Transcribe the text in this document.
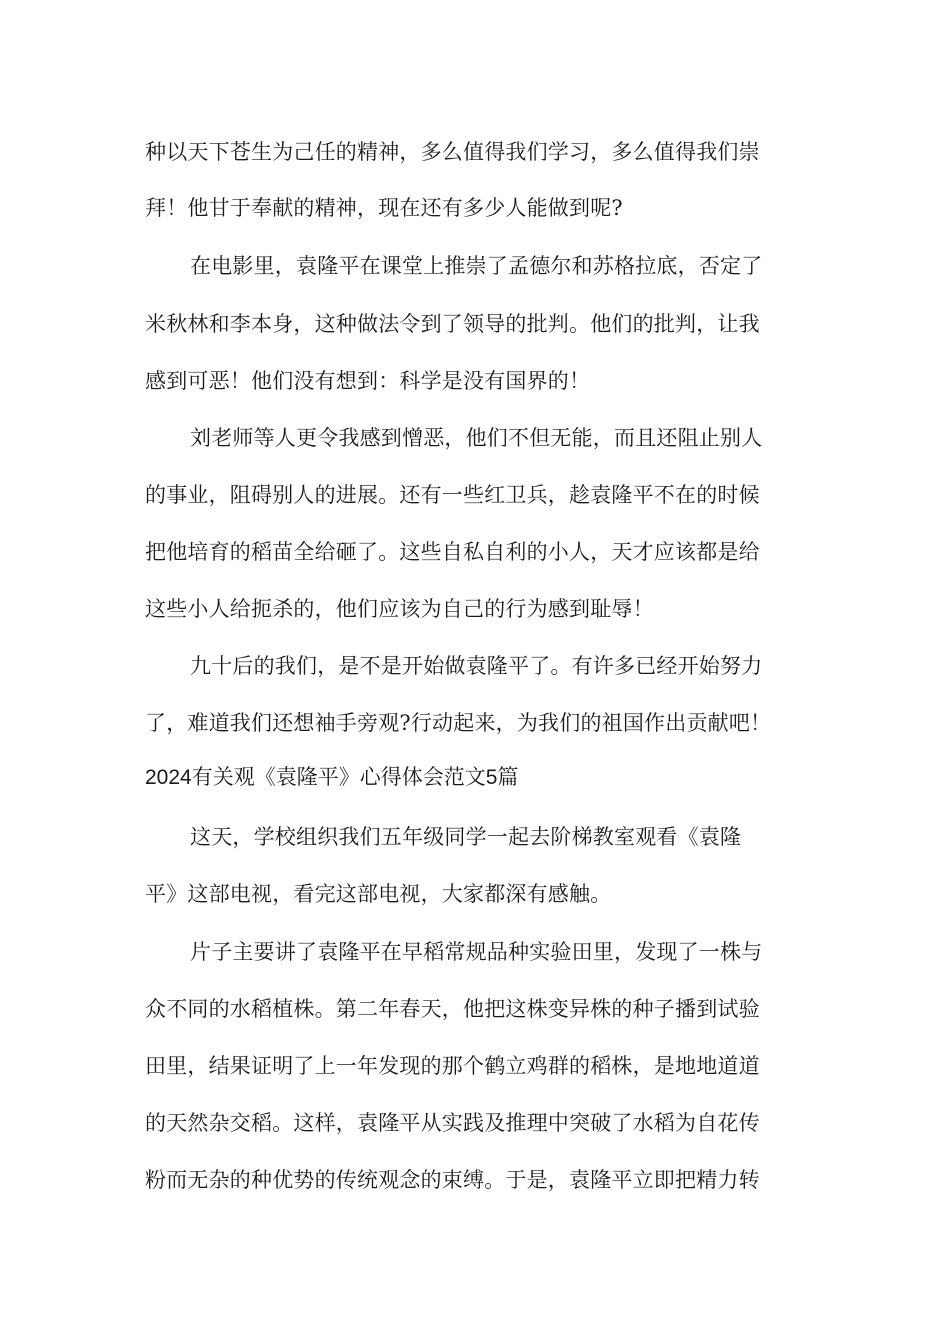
种以天下苍生为己任的精神，多么值得我们学习，多么值得我们崇
拜！他甘于奉献的精神，现在还有多少人能做到呢?
在电影里，袁隆平在课堂上推崇了孟德尔和苏格拉底，否定了
米秋林和李本身，这种做法令到了领导的批判。他们的批判，让我
感到可恶！他们没有想到：科学是没有国界的！
刘老师等人更令我感到憎恶，他们不但无能，而且还阻止别人
的事业，阻碍别人的进展。还有一些红卫兵，趁袁隆平不在的时候
把他培育的稻苗全给砸了。这些自私自利的小人，天才应该都是给
这些小人给扼杀的，他们应该为自己的行为感到耻辱！
九十后的我们，是不是开始做袁隆平了。有许多已经开始努力
了，难道我们还想袖手旁观?行动起来，为我们的祖国作出贡献吧！
2024有关观《袁隆平》心得体会范文5篇
这天，学校组织我们五年级同学一起去阶梯教室观看《袁隆
平》这部电视，看完这部电视，大家都深有感触。
片子主要讲了袁隆平在早稻常规品种实验田里，发现了一株与
众不同的水稻植株。第二年春天，他把这株变异株的种子播到试验
田里，结果证明了上一年发现的那个鹤立鸡群的稻株，是地地道道
的天然杂交稻。这样，袁隆平从实践及推理中突破了水稻为自花传
粉而无杂的种优势的传统观念的束缚。于是，袁隆平立即把精力转
